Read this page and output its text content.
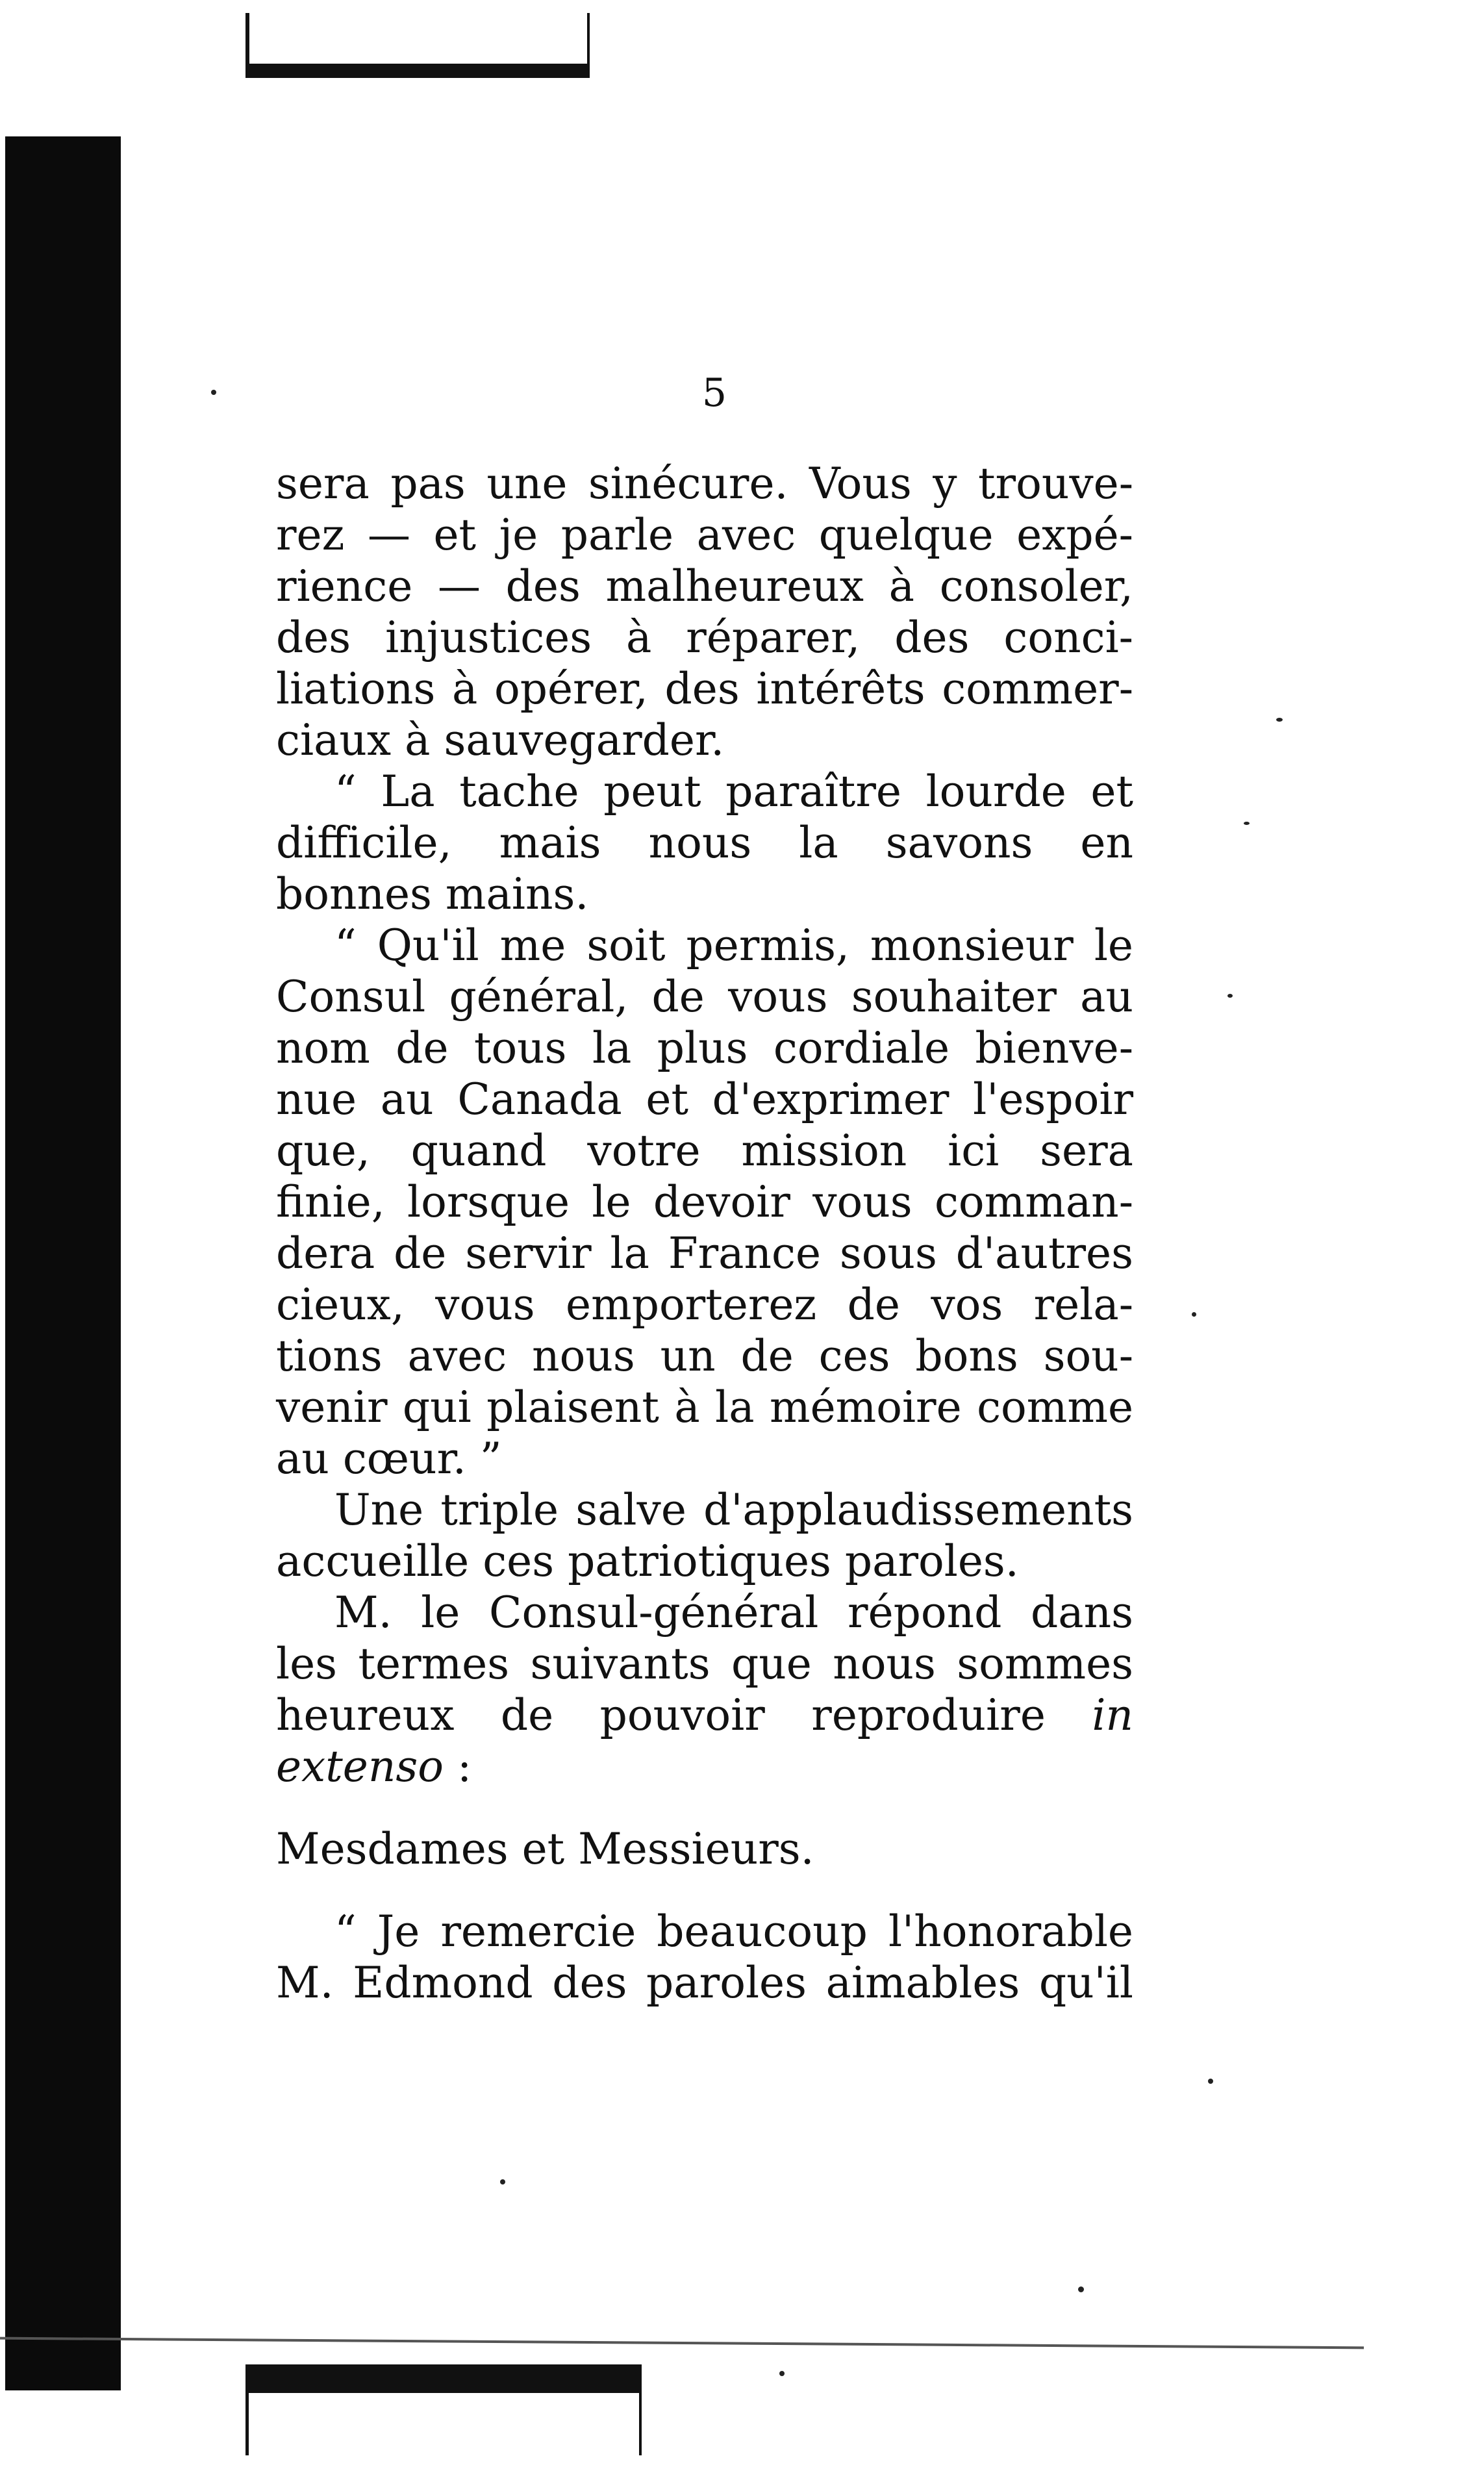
5

sera pas une sinécure. Vous y trouve-
rez — et je parle avec quelque expé-
rience — des malheureux à consoler,
des injustices à réparer, des conci-
liations à opérer, des intérêts commer-
ciaux à sauvegarder.

“ La tache peut paraître lourde et
difficile, mais nous la savons en
bonnes mains.

“ Qu'il me soit permis, monsieur le
Consul général, de vous souhaiter au
nom de tous la plus cordiale bienve-
nue au Canada et d'exprimer l'espoir
que, quand votre mission ici sera
finie, lorsque le devoir vous comman-
dera de servir la France sous d'autres
cieux, vous emporterez de vos rela-
tions avec nous un de ces bons sou-
venir qui plaisent à la mémoire comme
au cœur. ”

Une triple salve d'applaudissements
accueille ces patriotiques paroles.

M. le Consul-général répond dans
les termes suivants que nous sommes
heureux de pouvoir reproduire in
extenso :

Mesdames et Messieurs.

“ Je remercie beaucoup l'honorable
M. Edmond des paroles aimables qu'il
